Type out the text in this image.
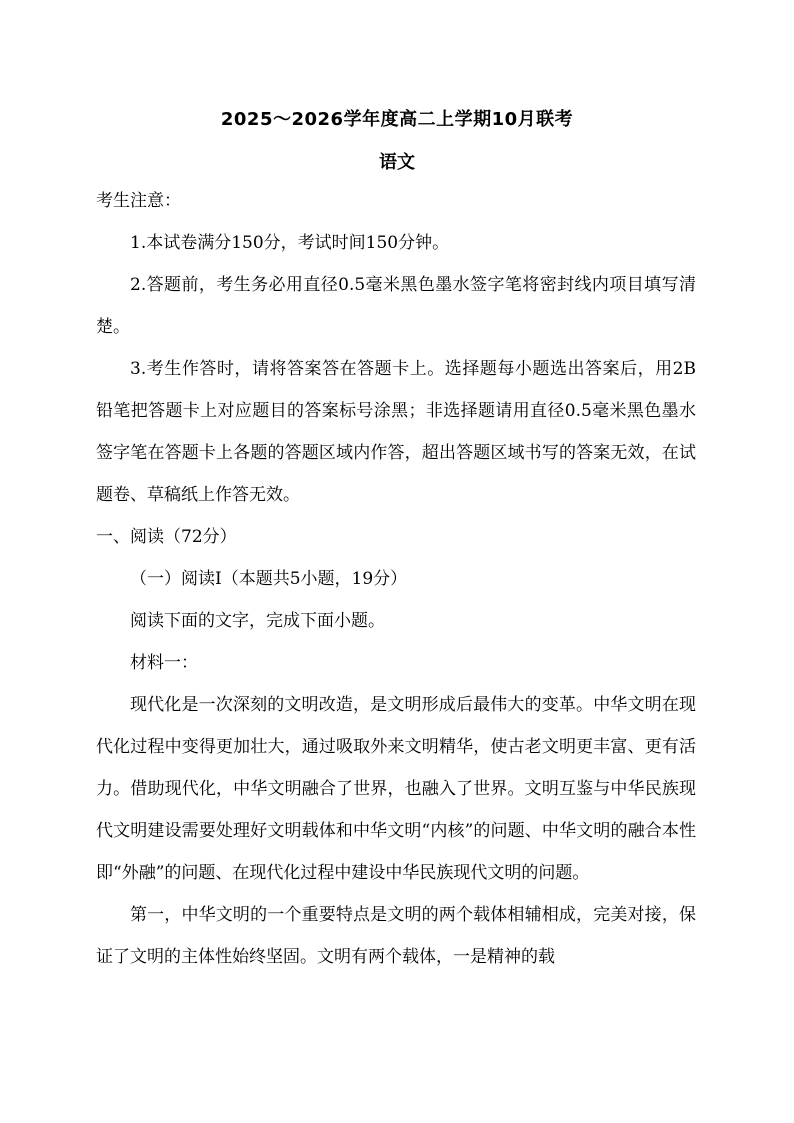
2025～2026学年度高二上学期10月联考
语文

考生注意：

1.本试卷满分150分，考试时间150分钟。

2.答题前，考生务必用直径0.5毫米黑色墨水签字笔将密封线内项目填写清楚。

3.考生作答时，请将答案答在答题卡上。选择题每小题选出答案后，用2B铅笔把答题卡上对应题目的答案标号涂黑；非选择题请用直径0.5毫米黑色墨水签字笔在答题卡上各题的答题区域内作答，超出答题区域书写的答案无效，在试题卷、草稿纸上作答无效。

一、阅读（72分）

（一）阅读Ⅰ（本题共5小题，19分）

阅读下面的文字，完成下面小题。

材料一：

现代化是一次深刻的文明改造，是文明形成后最伟大的变革。中华文明在现代化过程中变得更加壮大，通过吸取外来文明精华，使古老文明更丰富、更有活力。借助现代化，中华文明融合了世界，也融入了世界。文明互鉴与中华民族现代文明建设需要处理好文明载体和中华文明“内核”的问题、中华文明的融合本性即“外融”的问题、在现代化过程中建设中华民族现代文明的问题。

第一，中华文明的一个重要特点是文明的两个载体相辅相成，完美对接，保证了文明的主体性始终坚固。文明有两个载体，一是精神的载
